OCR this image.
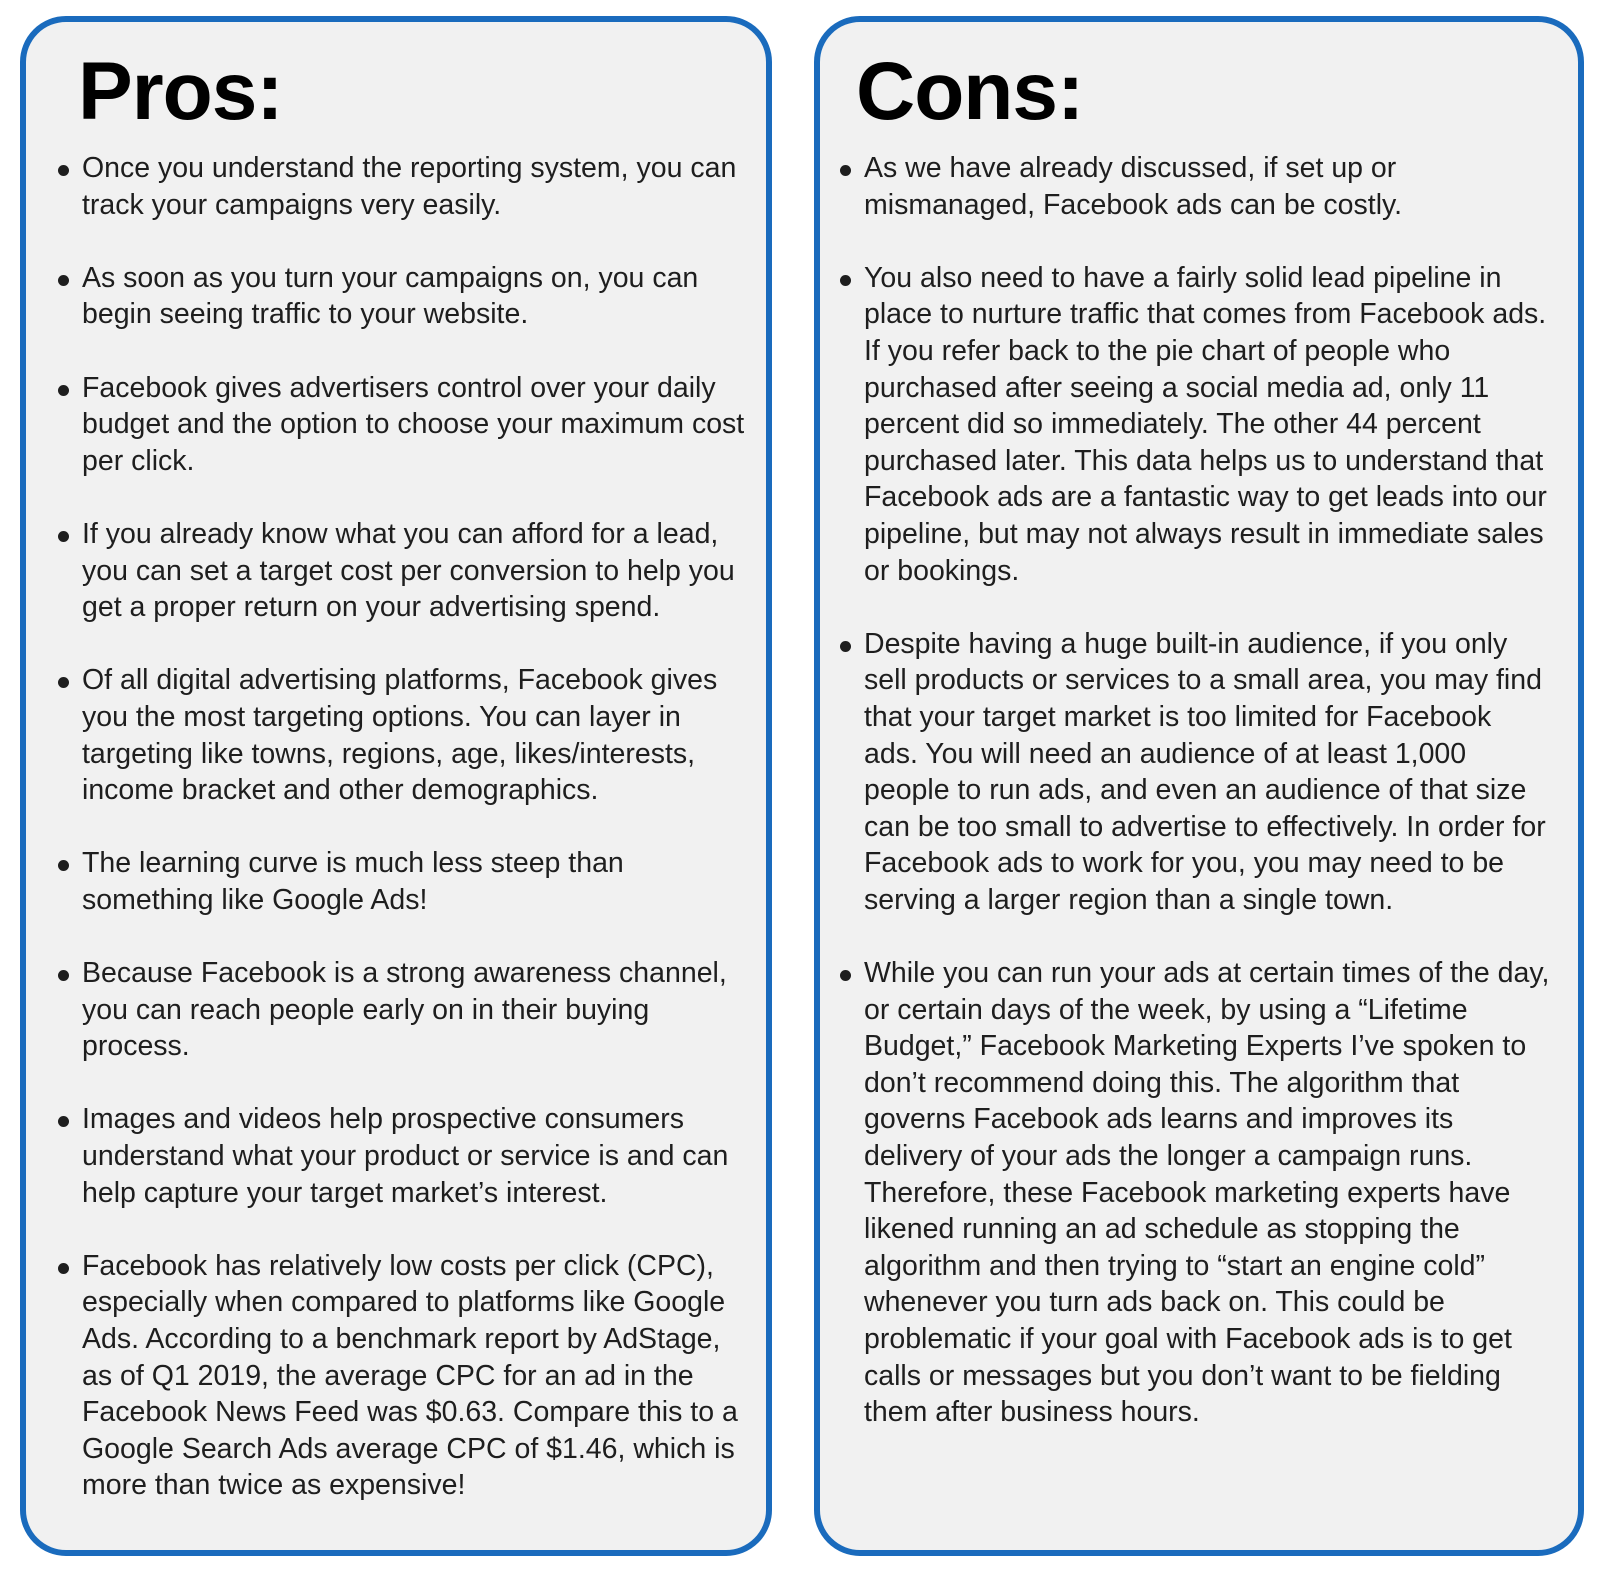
Pros:
Once you understand the reporting system, you can track your campaigns very easily.
As soon as you turn your campaigns on, you can begin seeing traffic to your website.
Facebook gives advertisers control over your daily budget and the option to choose your maximum cost per click.
If you already know what you can afford for a lead, you can set a target cost per conversion to help you get a proper return on your advertising spend.
Of all digital advertising platforms, Facebook gives you the most targeting options. You can layer in targeting like towns, regions, age, likes/interests, income bracket and other demographics.
The learning curve is much less steep than something like Google Ads!
Because Facebook is a strong awareness channel, you can reach people early on in their buying process.
Images and videos help prospective consumers understand what your product or service is and can help capture your target market’s interest.
Facebook has relatively low costs per click (CPC), especially when compared to platforms like Google Ads. According to a benchmark report by AdStage, as of Q1 2019, the average CPC for an ad in the Facebook News Feed was $0.63. Compare this to a Google Search Ads average CPC of $1.46, which is more than twice as expensive!
Cons:
As we have already discussed, if set up or mismanaged, Facebook ads can be costly.
You also need to have a fairly solid lead pipeline in place to nurture traffic that comes from Facebook ads. If you refer back to the pie chart of people who purchased after seeing a social media ad, only 11 percent did so immediately. The other 44 percent purchased later. This data helps us to understand that Facebook ads are a fantastic way to get leads into our pipeline, but may not always result in immediate sales or bookings.
Despite having a huge built-in audience, if you only sell products or services to a small area, you may find that your target market is too limited for Facebook ads. You will need an audience of at least 1,000 people to run ads, and even an audience of that size can be too small to advertise to effectively. In order for Facebook ads to work for you, you may need to be serving a larger region than a single town.
While you can run your ads at certain times of the day, or certain days of the week, by using a “Lifetime Budget,” Facebook Marketing Experts I’ve spoken to don’t recommend doing this. The algorithm that governs Facebook ads learns and improves its delivery of your ads the longer a campaign runs. Therefore, these Facebook marketing experts have likened running an ad schedule as stopping the algorithm and then trying to “start an engine cold” whenever you turn ads back on. This could be problematic if your goal with Facebook ads is to get calls or messages but you don’t want to be fielding them after business hours.
